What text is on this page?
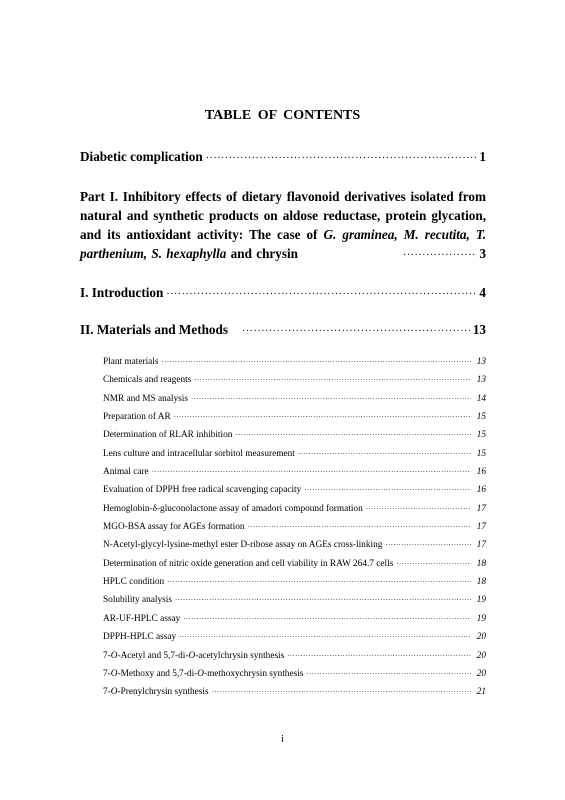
TABLE OF CONTENTS
Diabetic complication ·····	1
Part I. Inhibitory effects of dietary flavonoid derivatives isolated from natural and synthetic products on aldose reductase, protein glycation, and its antioxidant activity: The case of G. graminea, M. recutita, T. parthenium, S. hexaphylla and chrysin ·····	3
I. Introduction ·····	4
II. Materials and Methods ·····	13
Plant materials ·····	13
Chemicals and reagents ·····	13
NMR and MS analysis ·····	14
Preparation of AR ·····	15
Determination of RLAR inhibition ·····	15
Lens culture and intracellular sorbitol measurement ·····	15
Animal care ·····	16
Evaluation of DPPH free radical scavenging capacity ·····	16
Hemoglobin-δ-gluconolactone assay of amadori compound formation ·····	17
MGO-BSA assay for AGEs formation ·····	17
N-Acetyl-glycyl-lysine-methyl ester D-ribose assay on AGEs cross-linking ·····	17
Determination of nitric oxide generation and cell viability in RAW 264.7 cells ·····	18
HPLC condition ·····	18
Solubility analysis ·····	19
AR-UF-HPLC assay ·····	19
DPPH-HPLC assay ·····	20
7-O-Acetyl and 5,7-di-O-acetylchrysin synthesis ·····	20
7-O-Methoxy and 5,7-di-O-methoxychrysin synthesis ·····	20
7-O-Prenylchrysin synthesis ·····	21
i
